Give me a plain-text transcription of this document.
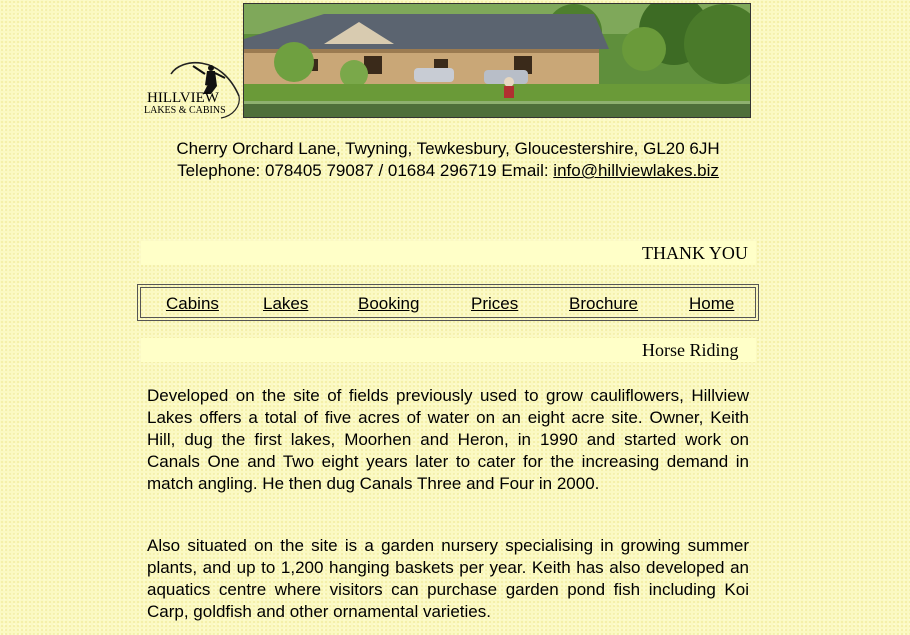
HILLVIEW
LAKES & CABINS
Cherry Orchard Lane, Twyning, Tewkesbury, Gloucestershire, GL20 6JH
Telephone: 078405 79087 / 01684 296719 Email: info@hillviewlakes.biz
THANK YOU
Cabins	Lakes	Booking	Prices	Brochure	Home
Horse Riding

Developed on the site of fields previously used to grow cauliflowers, Hillview Lakes offers a total of five acres of water on an eight acre site. Owner, Keith Hill, dug the first lakes, Moorhen and Heron, in 1990 and started work on Canals One and Two eight years later to cater for the increasing demand in match angling. He then dug Canals Three and Four in 2000.

Also situated on the site is a garden nursery specialising in growing summer plants, and up to 1,200 hanging baskets per year. Keith has also developed an aquatics centre where visitors can purchase garden pond fish including Koi Carp, goldfish and other ornamental varieties.
